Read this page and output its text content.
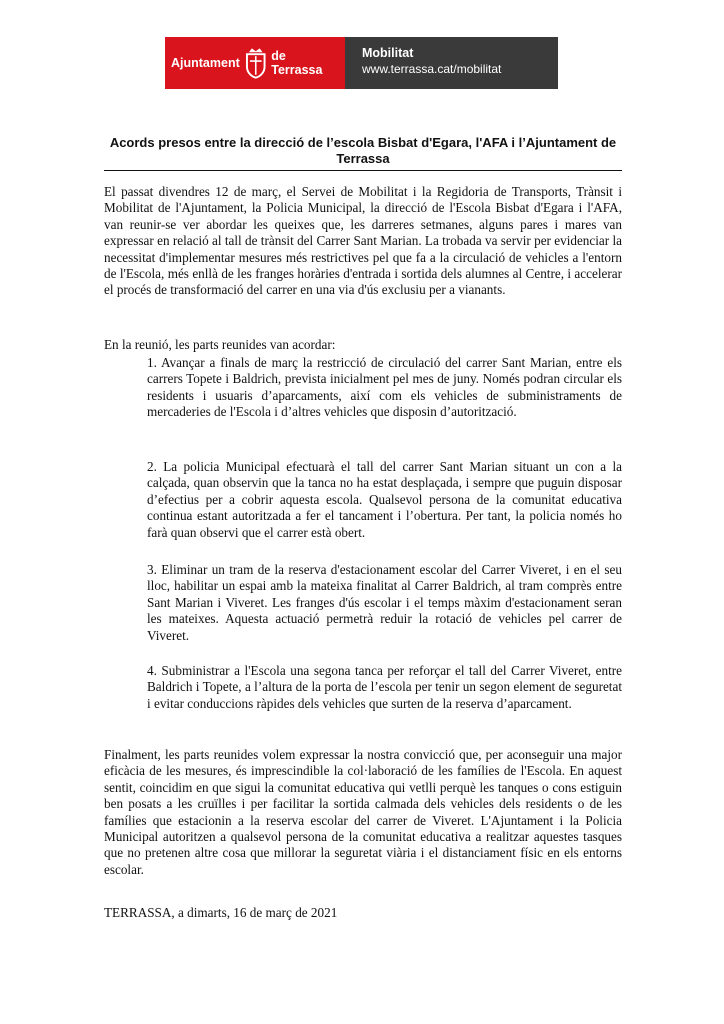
Ajuntament	de Terrassa
Mobilitat
www.terrassa.cat/mobilitat
Acords presos entre la direcció de l’escola Bisbat d'Egara, l'AFA i l’Ajuntament de Terrassa

El passat divendres 12 de març, el Servei de Mobilitat i la Regidoria de Transports, Trànsit i Mobilitat de l'Ajuntament, la Policia Municipal, la direcció de l'Escola Bisbat d'Egara i l'AFA, van reunir-se ver abordar les queixes que, les darreres setmanes, alguns pares i mares van expressar en relació al tall de trànsit del Carrer Sant Marian. La trobada va servir per evidenciar la necessitat d'implementar mesures més restrictives pel que fa a la circulació de vehicles a l'entorn de l'Escola, més enllà de les franges horàries d'entrada i sortida dels alumnes al Centre, i accelerar el procés de transformació del carrer en una via d'ús exclusiu per a vianants.

En la reunió, les parts reunides van acordar:

1. Avançar a finals de març la restricció de circulació del carrer Sant Marian, entre els carrers Topete i Baldrich, prevista inicialment pel mes de juny. Només podran circular els residents i usuaris d’aparcaments, així com els vehicles de subministraments de mercaderies de l'Escola i d’altres vehicles que disposin d’autorització.

2. La policia Municipal efectuarà el tall del carrer Sant Marian situant un con a la calçada, quan observin que la tanca no ha estat desplaçada, i sempre que puguin disposar d’efectius per a cobrir aquesta escola. Qualsevol persona de la comunitat educativa continua estant autoritzada a fer el tancament i l’obertura. Per tant, la policia només ho farà quan observi que el carrer està obert.

3. Eliminar un tram de la reserva d'estacionament escolar del Carrer Viveret, i en el seu lloc, habilitar un espai amb la mateixa finalitat al Carrer Baldrich, al tram comprès entre Sant Marian i Viveret. Les franges d'ús escolar i el temps màxim d'estacionament seran les mateixes. Aquesta actuació permetrà reduir la rotació de vehicles pel carrer de Viveret.

4. Subministrar a l'Escola una segona tanca per reforçar el tall del Carrer Viveret, entre Baldrich i Topete, a l’altura de la porta de l’escola per tenir un segon element de seguretat i evitar conduccions ràpides dels vehicles que surten de la reserva d’aparcament.

Finalment, les parts reunides volem expressar la nostra convicció que, per aconseguir una major eficàcia de les mesures, és imprescindible la col·laboració de les famílies de l'Escola. En aquest sentit, coincidim en que sigui la comunitat educativa qui vetlli perquè les tanques o cons estiguin ben posats a les cruïlles i per facilitar la sortida calmada dels vehicles dels residents o de les famílies que estacionin a la reserva escolar del carrer de Viveret. L'Ajuntament i la Policia Municipal autoritzen a qualsevol persona de la comunitat educativa a realitzar aquestes tasques que no pretenen altre cosa que millorar la seguretat viària i el distanciament físic en els entorns escolar.

TERRASSA, a dimarts, 16 de març de 2021
